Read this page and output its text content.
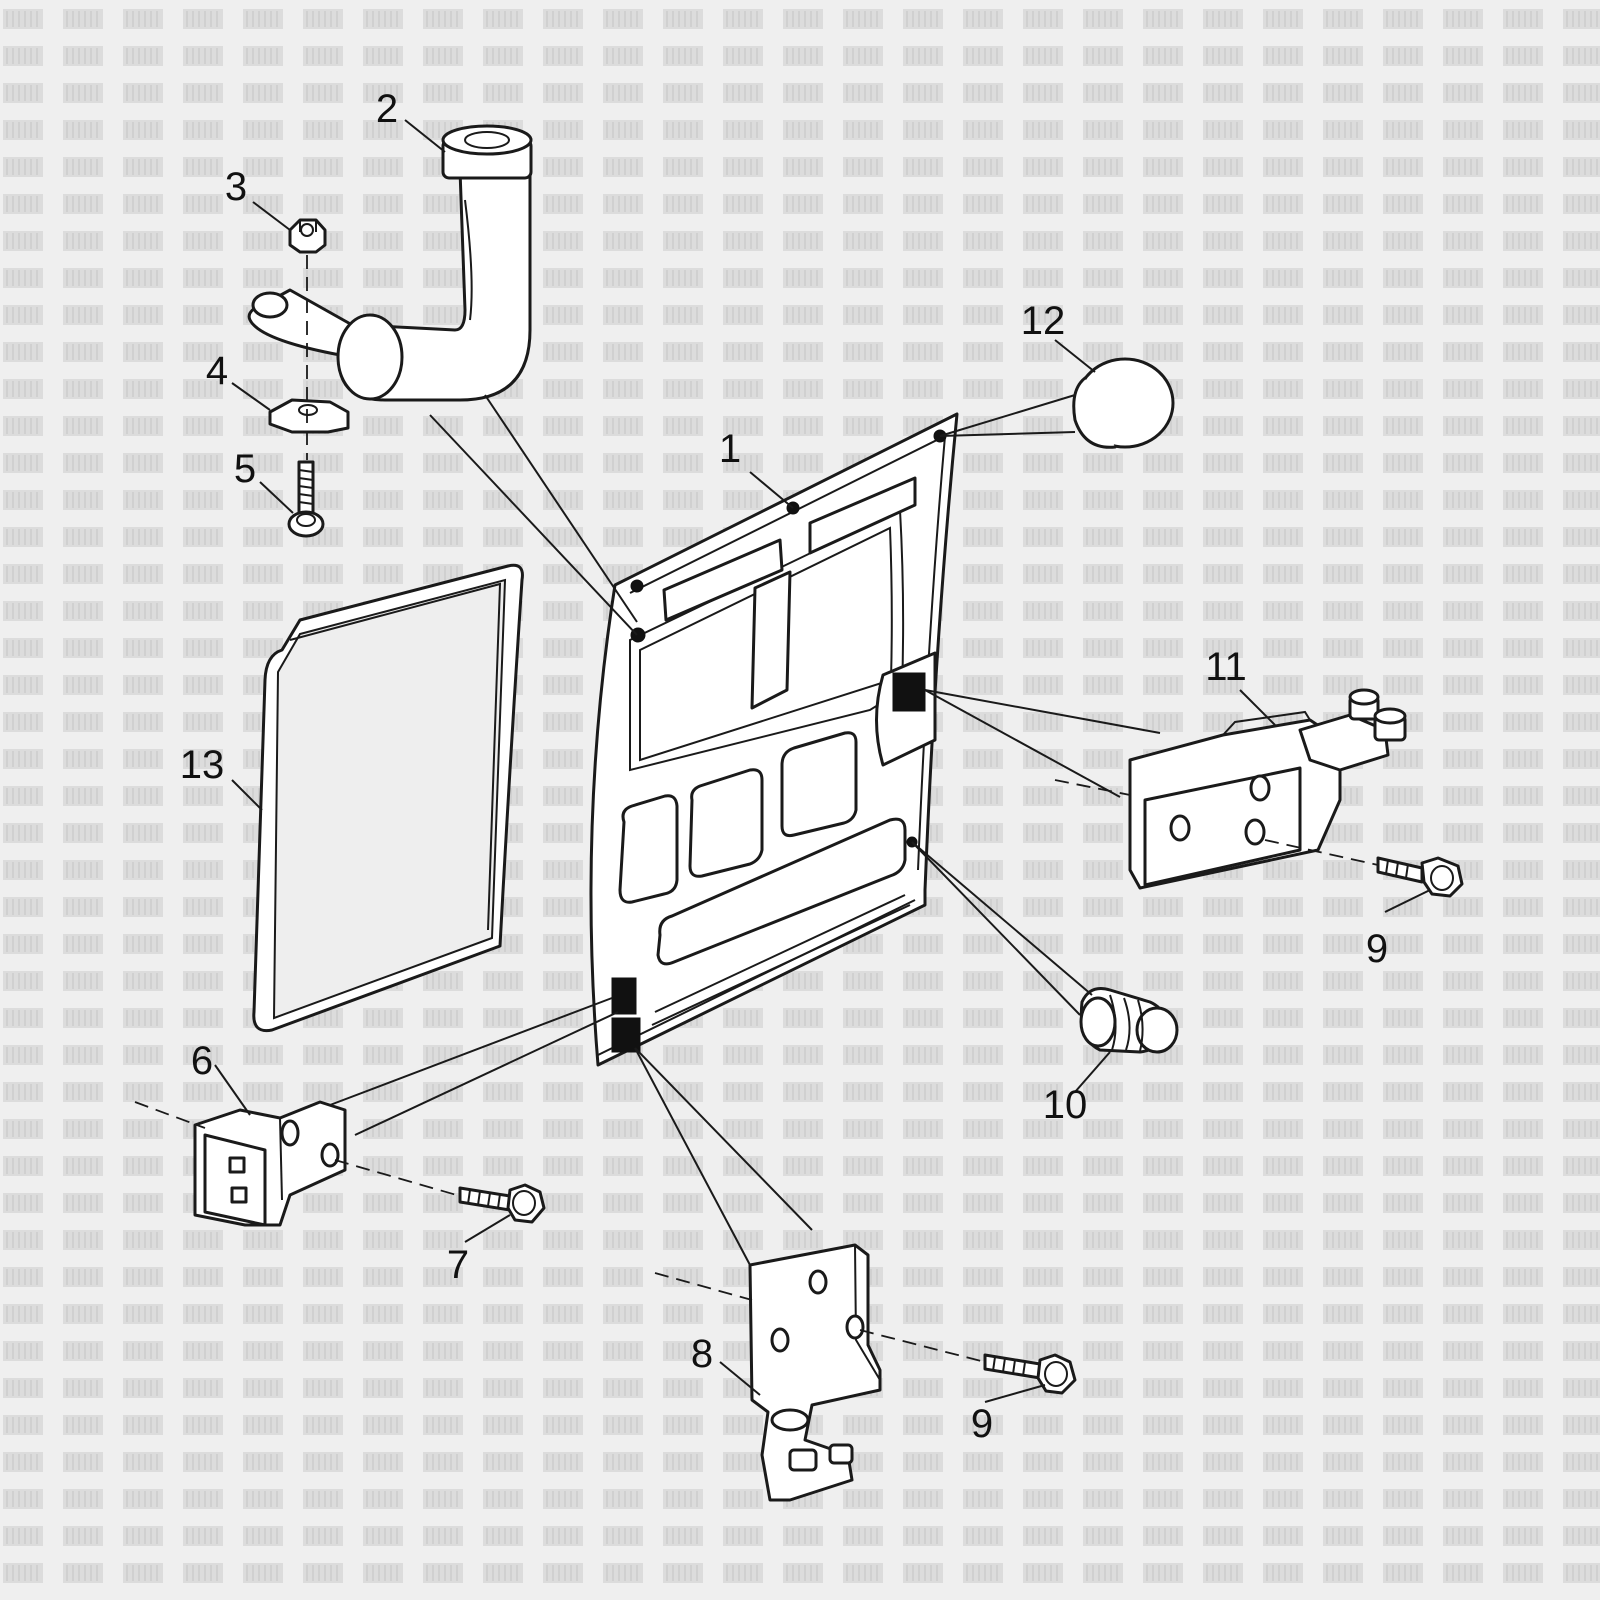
1
2
3
4
5
6
7
8
9
9
10
11
12
13
